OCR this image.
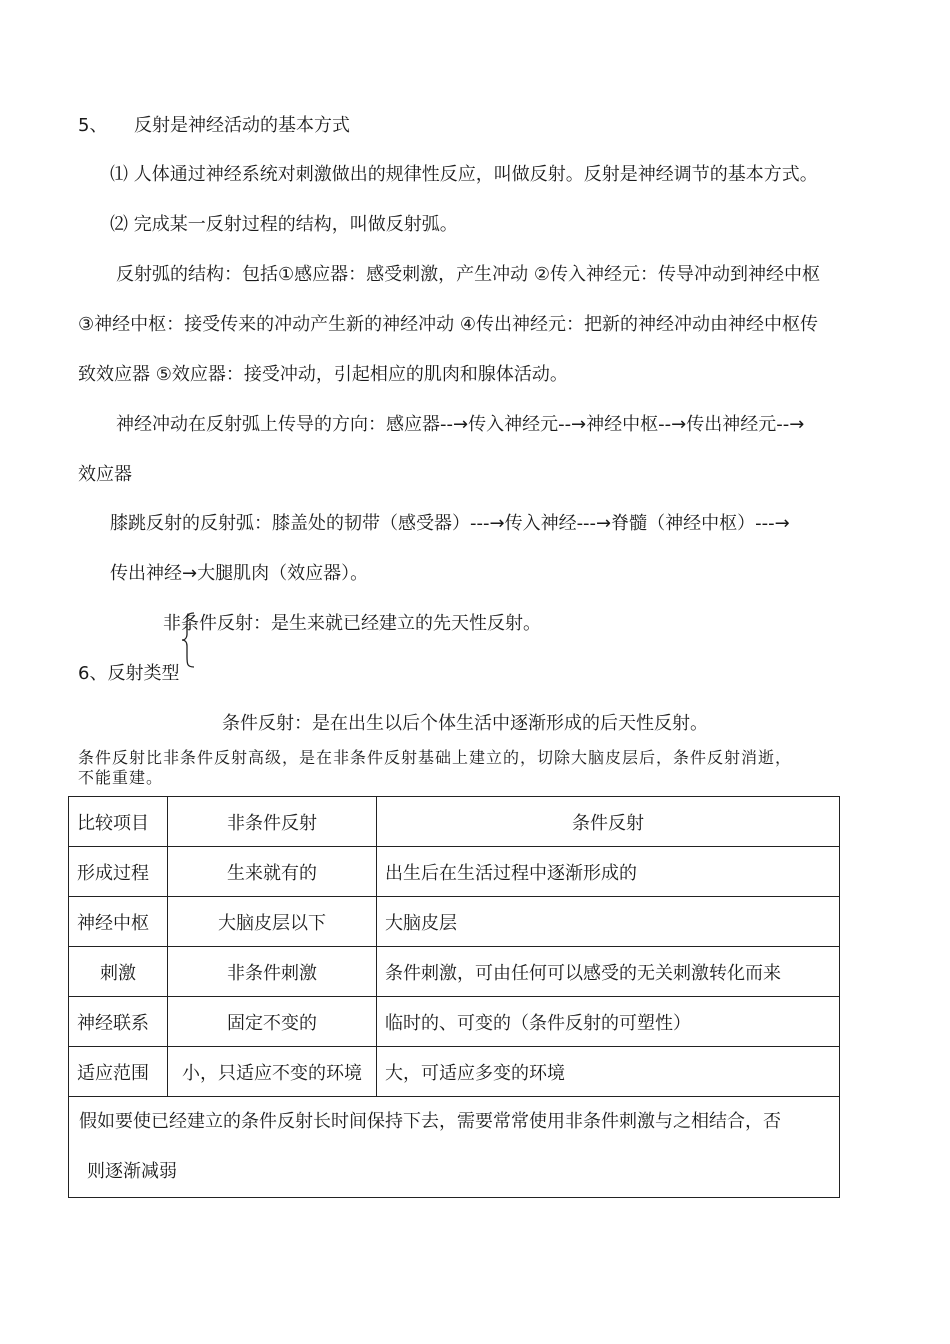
5、 反射是神经活动的基本方式
⑴ 人体通过神经系统对刺激做出的规律性反应，叫做反射。反射是神经调节的基本方式。
⑵ 完成某一反射过程的结构，叫做反射弧。
反射弧的结构：包括①感应器：感受刺激，产生冲动 ②传入神经元：传导冲动到神经中枢
③神经中枢：接受传来的冲动产生新的神经冲动 ④传出神经元：把新的神经冲动由神经中枢传
致效应器 ⑤效应器：接受冲动，引起相应的肌肉和腺体活动。
神经冲动在反射弧上传导的方向：感应器--→传入神经元--→神经中枢--→传出神经元--→
效应器
膝跳反射的反射弧：膝盖处的韧带（感受器）---→传入神经---→脊髓（神经中枢）---→
传出神经→大腿肌肉（效应器）。
非条件反射：是生来就已经建立的先天性反射。
6、反射类型
条件反射：是在出生以后个体生活中逐渐形成的后天性反射。
条件反射比非条件反射高级，是在非条件反射基础上建立的，切除大脑皮层后，条件反射消逝，
不能重建。
比较项目	非条件反射	条件反射
形成过程	生来就有的	出生后在生活过程中逐渐形成的
神经中枢	大脑皮层以下	大脑皮层
刺激	非条件刺激	条件刺激，可由任何可以感受的无关刺激转化而来
神经联系	固定不变的	临时的、可变的（条件反射的可塑性）
适应范围	小，只适应不变的环境	大，可适应多变的环境
假如要使已经建立的条件反射长时间保持下去，需要常常使用非条件刺激与之相结合，否
则逐渐减弱		
